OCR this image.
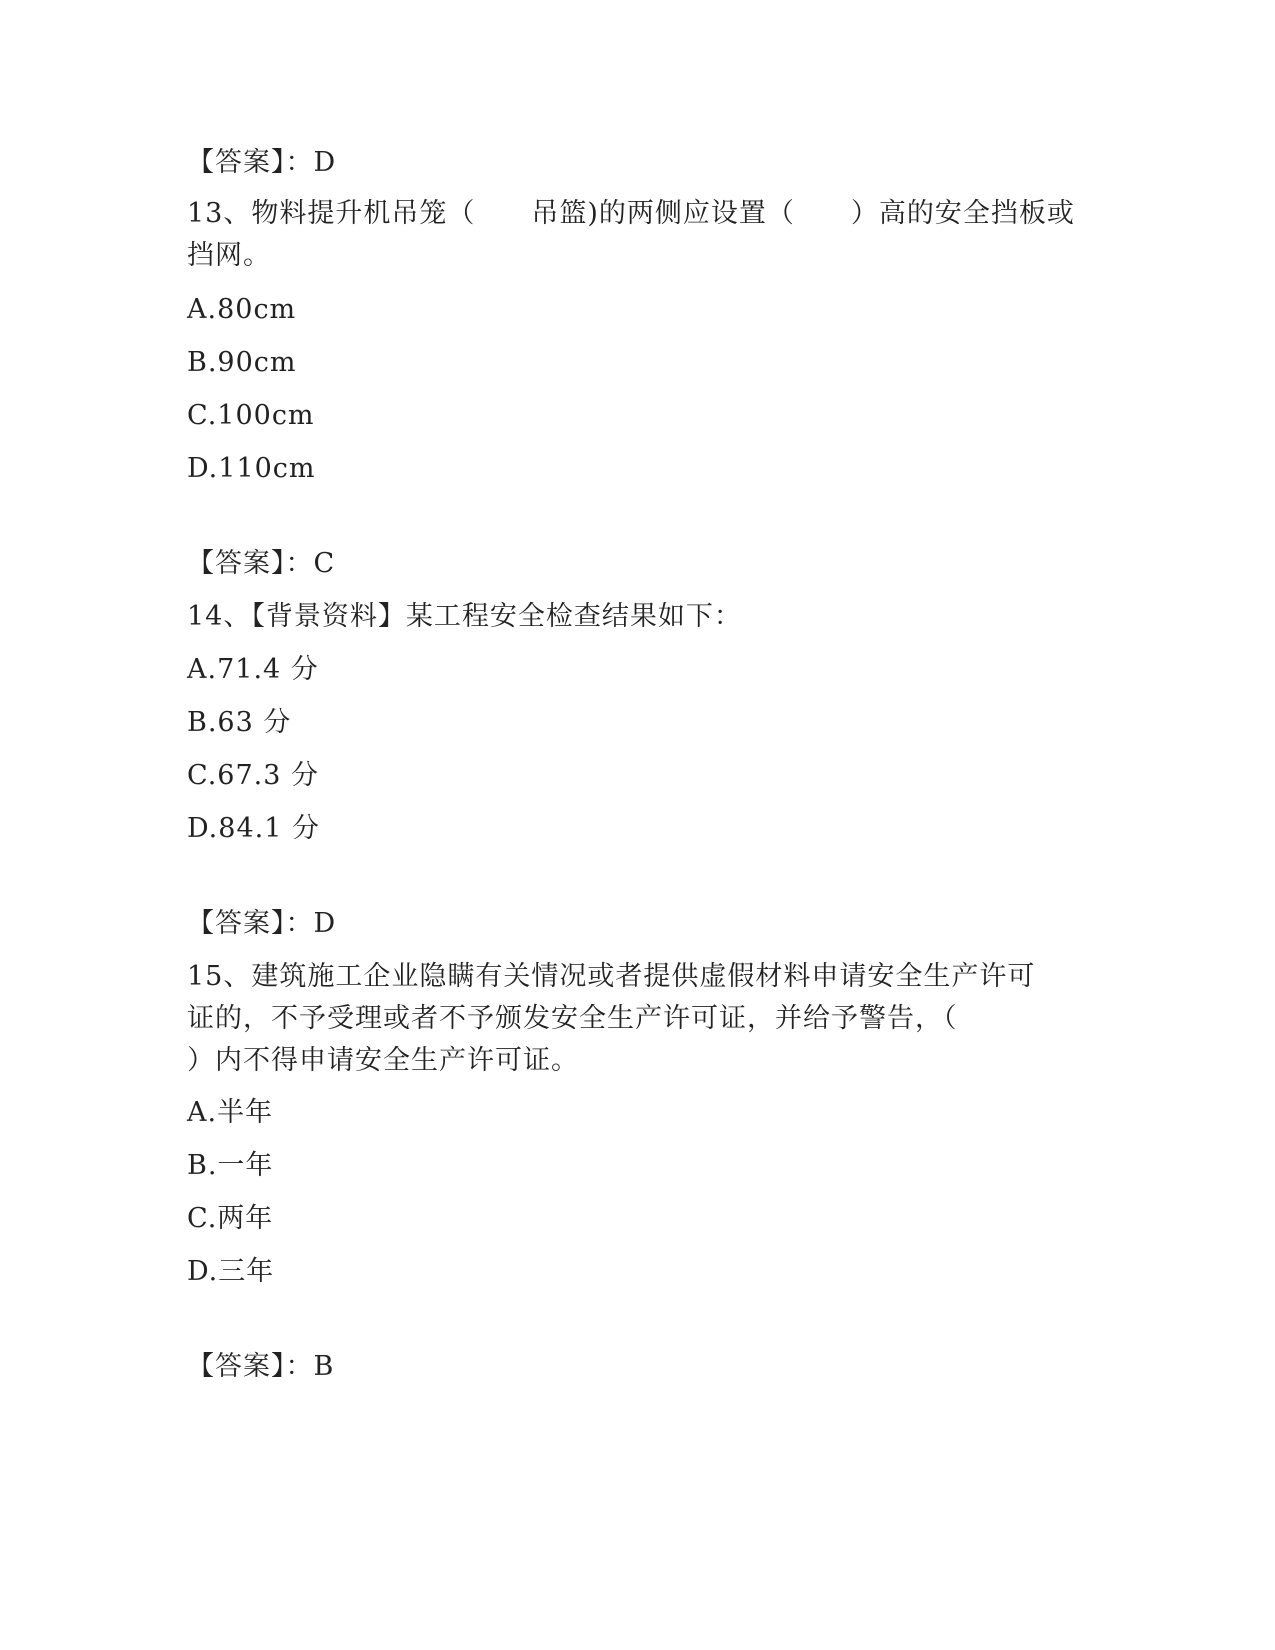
【答案】：D
13、物料提升机吊笼（　　吊篮)的两侧应设置（　　）高的安全挡板或
挡网。
A.80cm
B.90cm
C.100cm
D.110cm
【答案】：C
14、【背景资料】某工程安全检查结果如下：
A.71.4 分
B.63 分
C.67.3 分
D.84.1 分
【答案】：D
15、建筑施工企业隐瞒有关情况或者提供虚假材料申请安全生产许可
证的，不予受理或者不予颁发安全生产许可证，并给予警告，（
）内不得申请安全生产许可证。
A.半年
B.一年
C.两年
D.三年
【答案】：B
